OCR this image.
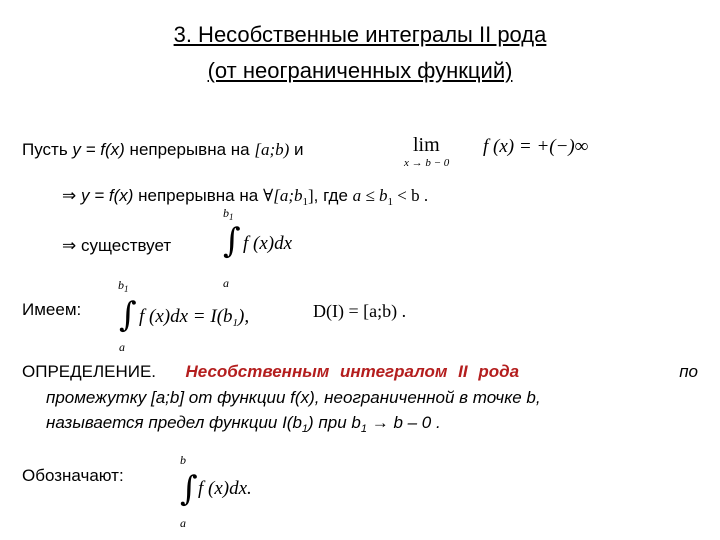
3. Несобственные интегралы II рода
(от неограниченных функций)
Пусть y = f(x) непрерывна на [a;b) и	lim
x → b − 0
f (x) = +(−)∞
⇒ y = f(x) непрерывна на $\forall[a;b_1]$, где $a \le b_1 < b$ .
⇒ существует
$b_1$
∫
a
f (x)dx
Имеем:
$b_1$
∫
a
f $(x)dx = I(b_1)$,	D(I) = [a;b) .
ОПРЕДЕЛЕНИЕ. Несобственным интегралом II рода	по
промежутку [a;b] от функции f(x), неограниченной в точке b,
называется предел функции $I(b_1)$ при $b_1 \to b - 0$ .
Обозначают:
b
∫
a
f (x)dx.
